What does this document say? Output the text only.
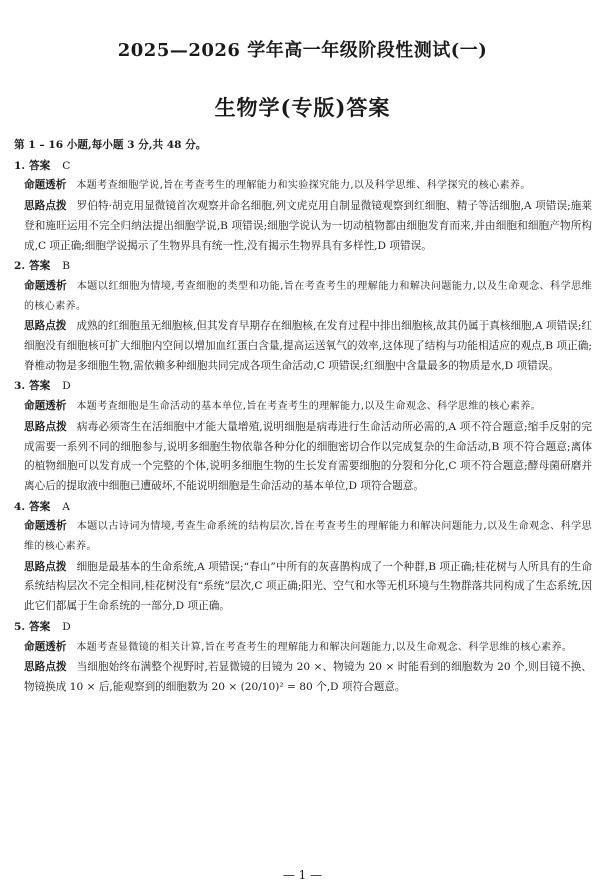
2025—2026 学年高一年级阶段性测试(一)
生物学(专版)答案

第 1 – 16 小题,每小题 3 分,共 48 分。

1. 答案 C

命题透析 本题考查细胞学说,旨在考查考生的理解能力和实验探究能力,以及科学思维、科学探究的核心素养。

思路点拨 罗伯特·胡克用显微镜首次观察并命名细胞,列文虎克用自制显微镜观察到红细胞、精子等活细胞,A 项错误;施莱登和施旺运用不完全归纳法提出细胞学说,B 项错误;细胞学说认为一切动植物都由细胞发育而来,并由细胞和细胞产物所构成,C 项正确;细胞学说揭示了生物界具有统一性,没有揭示生物界具有多样性,D 项错误。

2. 答案 B

命题透析 本题以红细胞为情境,考查细胞的类型和功能,旨在考查考生的理解能力和解决问题能力,以及生命观念、科学思维的核心素养。

思路点拨 成熟的红细胞虽无细胞核,但其发育早期存在细胞核,在发育过程中排出细胞核,故其仍属于真核细胞,A 项错误;红细胞没有细胞核可扩大细胞内空间以增加血红蛋白含量,提高运送氧气的效率,这体现了结构与功能相适应的观点,B 项正确;脊椎动物是多细胞生物,需依赖多种细胞共同完成各项生命活动,C 项错误;红细胞中含量最多的物质是水,D 项错误。

3. 答案 D

命题透析 本题考查细胞是生命活动的基本单位,旨在考查考生的理解能力,以及生命观念、科学思维的核心素养。

思路点拨 病毒必须寄生在活细胞中才能大量增殖,说明细胞是病毒进行生命活动所必需的,A 项不符合题意;缩手反射的完成需要一系列不同的细胞参与,说明多细胞生物依靠各种分化的细胞密切合作以完成复杂的生命活动,B 项不符合题意;离体的植物细胞可以发育成一个完整的个体,说明多细胞生物的生长发育需要细胞的分裂和分化,C 项不符合题意;酵母菌研磨并离心后的提取液中细胞已遭破坏,不能说明细胞是生命活动的基本单位,D 项符合题意。

4. 答案 A

命题透析 本题以古诗词为情境,考查生命系统的结构层次,旨在考查考生的理解能力和解决问题能力,以及生命观念、科学思维的核心素养。

思路点拨 细胞是最基本的生命系统,A 项错误;“春山”中所有的灰喜鹊构成了一个种群,B 项正确;桂花树与人所具有的生命系统结构层次不完全相同,桂花树没有“系统”层次,C 项正确;阳光、空气和水等无机环境与生物群落共同构成了生态系统,因此它们都属于生命系统的一部分,D 项正确。

5. 答案 D

命题透析 本题考查显微镜的相关计算,旨在考查考生的理解能力和解决问题能力,以及生命观念、科学思维的核心素养。

思路点拨 当细胞始终布满整个视野时,若显微镜的目镜为 20 ×、物镜为 20 × 时能看到的细胞数为 20 个,则目镜不换、物镜换成 10 × 后,能观察到的细胞数为 20 × (20/10)² = 80 个,D 项符合题意。

— 1 —
